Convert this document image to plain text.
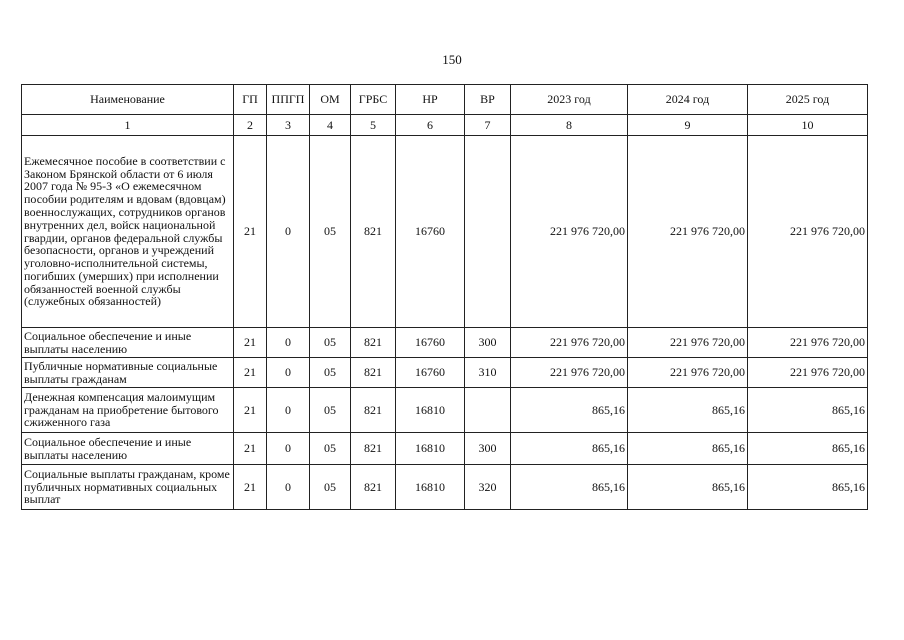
150
Наименование	ГП	ППГП	ОМ	ГРБС	НР	ВР	2023 год	2024 год	2025 год
1	2	3	4	5	6	7	8	9	10
Ежемесячное пособие в соответствии с Законом Брянской области от 6 июля 2007 года № 95-З «О ежемесячном пособии родителям и вдовам (вдовцам) военнослужащих, сотрудников органов внутренних дел, войск национальной гвардии, органов федеральной службы безопасности, органов и учреждений уголовно-исполнительной системы, погибших (умерших) при исполнении обязанностей военной службы (служебных обязанностей)	21	0	05	821	16760		221 976 720,00	221 976 720,00	221 976 720,00
Социальное обеспечение и иные выплаты населению	21	0	05	821	16760	300	221 976 720,00	221 976 720,00	221 976 720,00
Публичные нормативные социальные выплаты гражданам	21	0	05	821	16760	310	221 976 720,00	221 976 720,00	221 976 720,00
Денежная компенсация малоимущим гражданам на приобретение бытового сжиженного газа	21	0	05	821	16810		865,16	865,16	865,16
Социальное обеспечение и иные выплаты населению	21	0	05	821	16810	300	865,16	865,16	865,16
Социальные выплаты гражданам, кроме публичных нормативных социальных выплат	21	0	05	821	16810	320	865,16	865,16	865,16
